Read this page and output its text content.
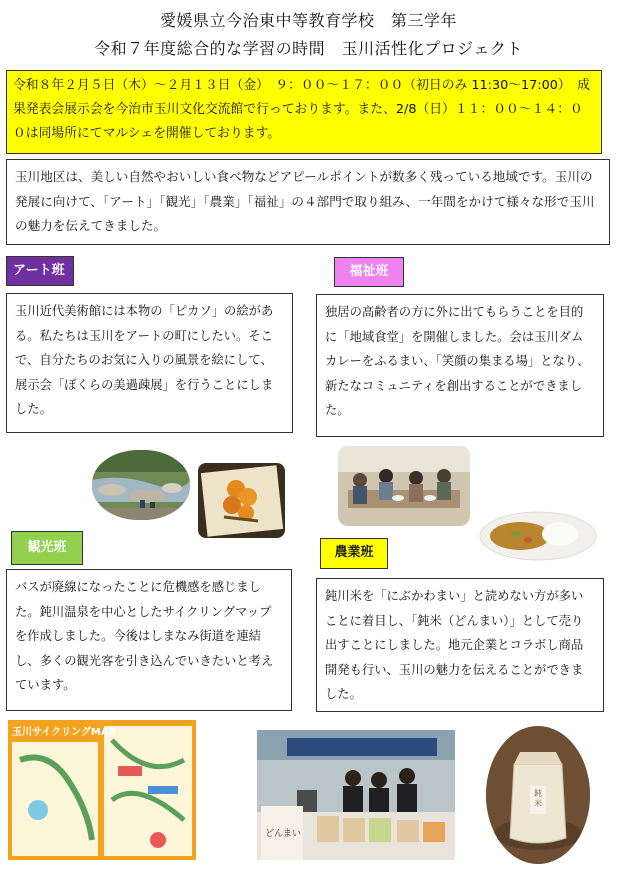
愛媛県立今治東中等教育学校　第三学年
令和７年度総合的な学習の時間　玉川活性化プロジェクト
令和８年２月５日（木）～２月１３日（金）　９：００～１７：００（初日のみ 11:30～17:00）　成果発表会展示会を今治市玉川文化交流館で行っております。また、2/8（日）１１：００～１４：００は同場所にてマルシェを開催しております。
玉川地区は、美しい自然やおいしい食べ物などアピールポイントが数多く残っている地域です。玉川の発展に向けて、「アート」「観光」「農業」「福祉」の４部門で取り組み、一年間をかけて様々な形で玉川の魅力を伝えてきました。
アート班	福祉班
玉川近代美術館には本物の「ピカソ」の絵がある。私たちは玉川をアートの町にしたい。そこで、自分たちのお気に入りの風景を絵にして、展示会「ぼくらの美過疎展」を行うことにしました。
独居の高齢者の方に外に出てもらうことを目的に「地域食堂」を開催しました。会は玉川ダムカレーをふるまい、「笑顔の集まる場」となり、新たなコミュニティを創出することができました。
観光班	農業班
バスが廃線になったことに危機感を感じました。鈍川温泉を中心としたサイクリングマップを作成しました。今後はしまなみ街道を連結し、多くの観光客を引き込んでいきたいと考えています。
鈍川米を「にぶかわまい」と読めない方が多いことに着目し、「鈍米（どんまい）」として売り出すことにしました。地元企業とコラボし商品開発も行い、玉川の魅力を伝えることができました。
玉川サイクリングMAP
どんまい
鈍米
